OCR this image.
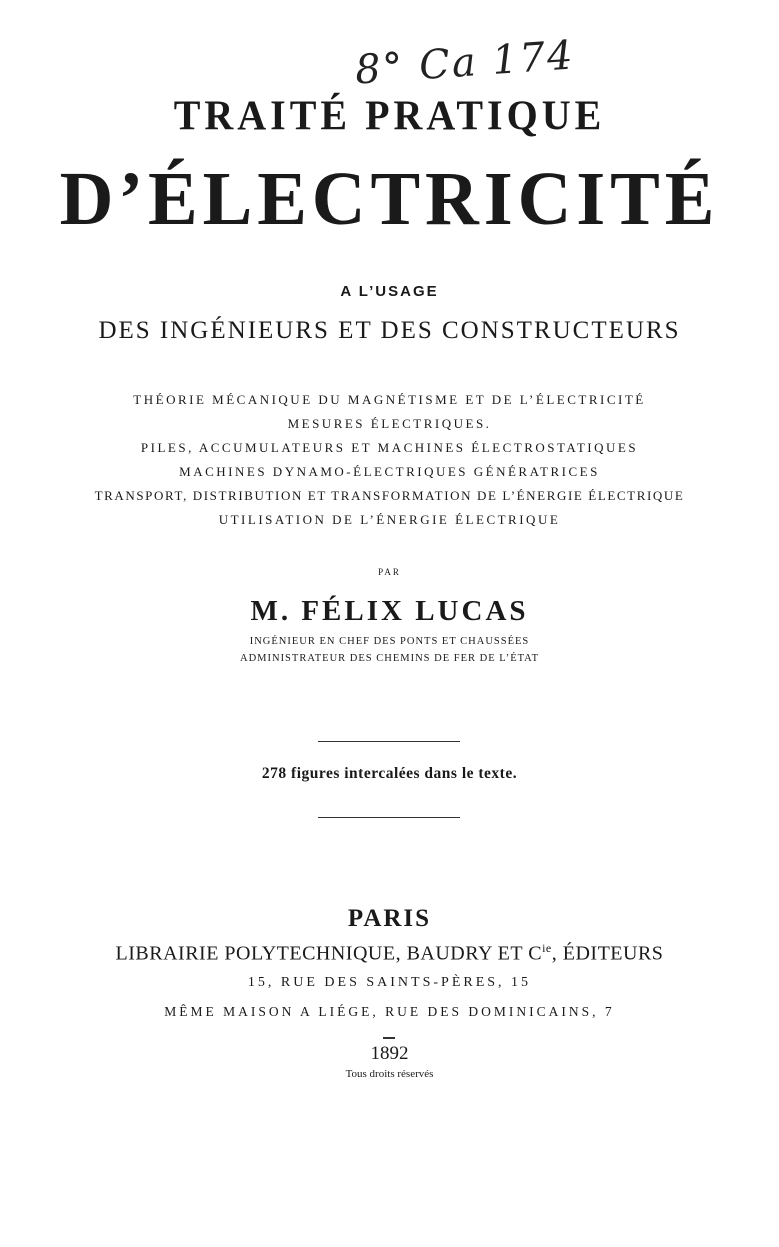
8° Ca 174
TRAITÉ PRATIQUE
D’ÉLECTRICITÉ
A L’USAGE
DES INGÉNIEURS ET DES CONSTRUCTEURS
THÉORIE MÉCANIQUE DU MAGNÉTISME ET DE L’ÉLECTRICITÉ
MESURES ÉLECTRIQUES.
PILES, ACCUMULATEURS ET MACHINES ÉLECTROSTATIQUES
MACHINES DYNAMO-ÉLECTRIQUES GÉNÉRATRICES
TRANSPORT, DISTRIBUTION ET TRANSFORMATION DE L’ÉNERGIE ÉLECTRIQUE
UTILISATION DE L’ÉNERGIE ÉLECTRIQUE
PAR
M. FÉLIX LUCAS
INGÉNIEUR EN CHEF DES PONTS ET CHAUSSÉES
ADMINISTRATEUR DES CHEMINS DE FER DE L’ÉTAT
278 figures intercalées dans le texte.
PARIS
LIBRAIRIE POLYTECHNIQUE, BAUDRY ET $C^{ie}$, ÉDITEURS
15, RUE DES SAINTS-PÈRES, 15
MÊME MAISON A LIÉGE, RUE DES DOMINICAINS, 7
1892
Tous droits réservés
